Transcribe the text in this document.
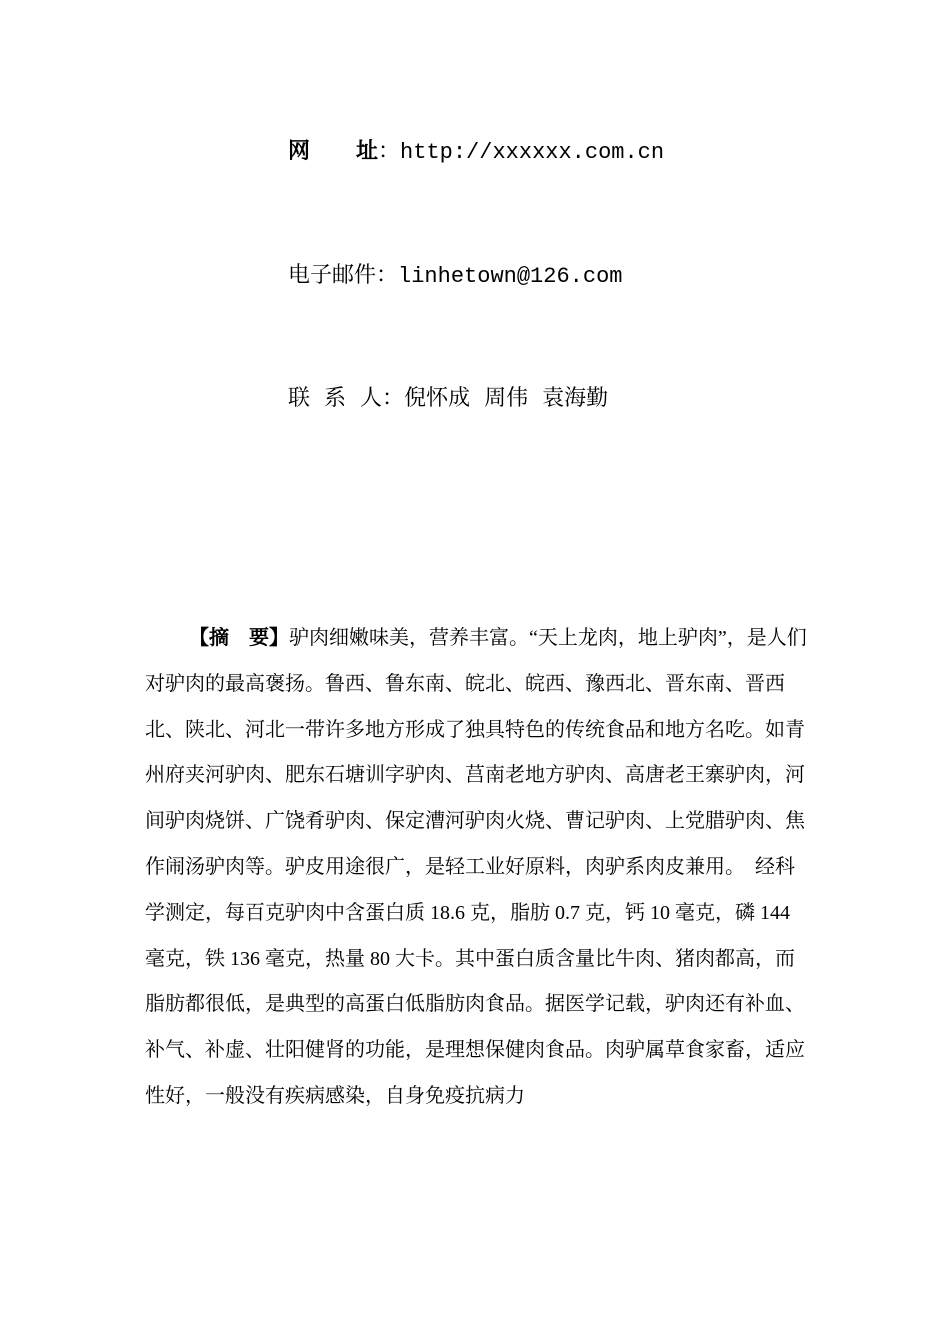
网 址：http://xxxxxx.com.cn
电子邮件：linhetown@126.com
联 系 人：倪怀成 周伟 袁海勤
【摘　要】驴肉细嫩味美，营养丰富。“天上龙肉，地上驴肉”，是人们对驴肉的最高褒扬。鲁西、鲁东南、皖北、皖西、豫西北、晋东南、晋西北、陕北、河北一带许多地方形成了独具特色的传统食品和地方名吃。如青州府夹河驴肉、肥东石塘训字驴肉、莒南老地方驴肉、高唐老王寨驴肉，河间驴肉烧饼、广饶肴驴肉、保定漕河驴肉火烧、曹记驴肉、上党腊驴肉、焦作闹汤驴肉等。驴皮用途很广，是轻工业好原料，肉驴系肉皮兼用。　经科学测定，每百克驴肉中含蛋白质 18.6 克，脂肪 0.7 克，钙 10 毫克，磷 144 毫克，铁 136 毫克，热量 80 大卡。其中蛋白质含量比牛肉、猪肉都高，而脂肪都很低，是典型的高蛋白低脂肪肉食品。据医学记载，驴肉还有补血、补气、补虚、壮阳健肾的功能，是理想保健肉食品。肉驴属草食家畜，适应性好，一般没有疾病感染，自身免疫抗病力
